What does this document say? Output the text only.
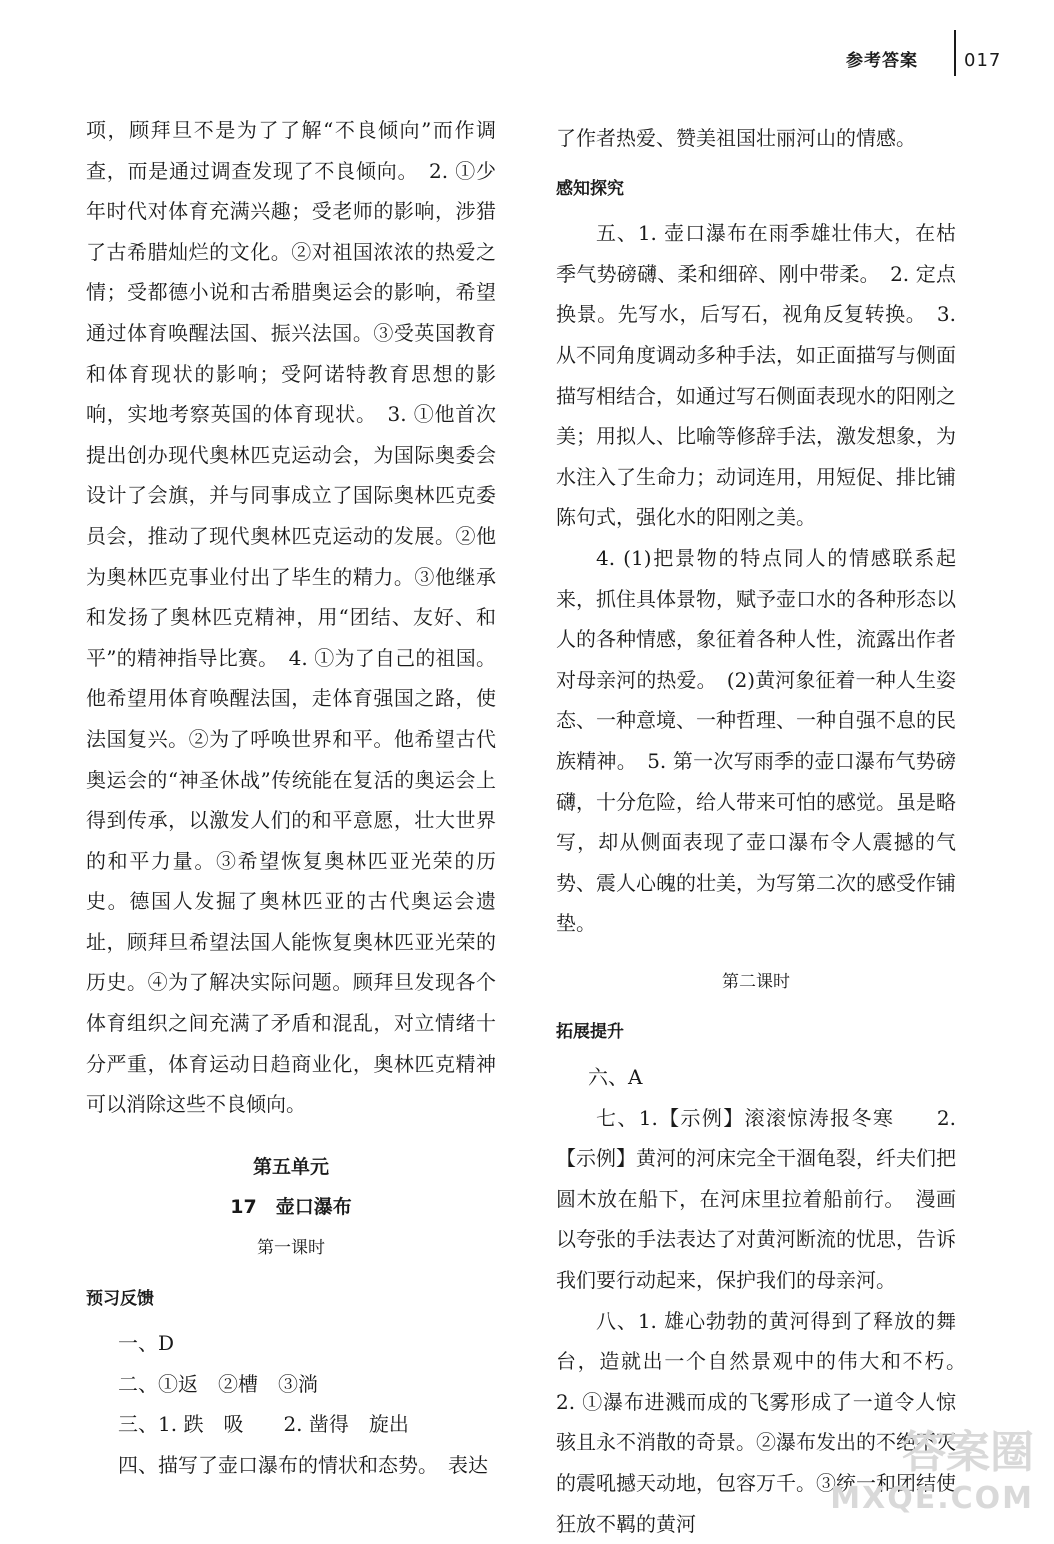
参考答案	017

项，顾拜旦不是为了了解“不良倾向”而作调查，而是通过调查发现了不良倾向。　2. ①少年时代对体育充满兴趣；受老师的影响，涉猎了古希腊灿烂的文化。②对祖国浓浓的热爱之情；受都德小说和古希腊奥运会的影响，希望通过体育唤醒法国、振兴法国。③受英国教育和体育现状的影响；受阿诺特教育思想的影响，实地考察英国的体育现状。　3. ①他首次提出创办现代奥林匹克运动会，为国际奥委会设计了会旗，并与同事成立了国际奥林匹克委员会，推动了现代奥林匹克运动的发展。②他为奥林匹克事业付出了毕生的精力。③他继承和发扬了奥林匹克精神，用“团结、友好、和平”的精神指导比赛。　4. ①为了自己的祖国。他希望用体育唤醒法国，走体育强国之路，使法国复兴。②为了呼唤世界和平。他希望古代奥运会的“神圣休战”传统能在复活的奥运会上得到传承，以激发人们的和平意愿，壮大世界的和平力量。③希望恢复奥林匹亚光荣的历史。德国人发掘了奥林匹亚的古代奥运会遗址，顾拜旦希望法国人能恢复奥林匹亚光荣的历史。④为了解决实际问题。顾拜旦发现各个体育组织之间充满了矛盾和混乱，对立情绪十分严重，体育运动日趋商业化，奥林匹克精神可以消除这些不良倾向。

第五单元

17　壶口瀑布

第一课时

预习反馈

一、D

二、①返　②槽　③淌

三、1. 跌　吸　　2. 凿得　旋出

四、描写了壶口瀑布的情状和态势。　表达

了作者热爱、赞美祖国壮丽河山的情感。

感知探究

五、1. 壶口瀑布在雨季雄壮伟大，在枯季气势磅礴、柔和细碎、刚中带柔。　2. 定点换景。先写水，后写石，视角反复转换。　3. 从不同角度调动多种手法，如正面描写与侧面描写相结合，如通过写石侧面表现水的阳刚之美；用拟人、比喻等修辞手法，激发想象，为水注入了生命力；动词连用，用短促、排比铺陈句式，强化水的阳刚之美。

4. (1)把景物的特点同人的情感联系起来，抓住具体景物，赋予壶口水的各种形态以人的各种情感，象征着各种人性，流露出作者对母亲河的热爱。　(2)黄河象征着一种人生姿态、一种意境、一种哲理、一种自强不息的民族精神。　5. 第一次写雨季的壶口瀑布气势磅礴，十分危险，给人带来可怕的感觉。虽是略写，却从侧面表现了壶口瀑布令人震撼的气势、震人心魄的壮美，为写第二次的感受作铺垫。

第二课时

拓展提升

六、A

七、1.【示例】滚滚惊涛报冬寒　　2.【示例】黄河的河床完全干涸龟裂，纤夫们把圆木放在船下，在河床里拉着船前行。　漫画以夸张的手法表达了对黄河断流的忧思，告诉我们要行动起来，保护我们的母亲河。

八、1. 雄心勃勃的黄河得到了释放的舞台，造就出一个自然景观中的伟大和不朽。　2. ①瀑布进溅而成的飞雾形成了一道令人惊骇且永不消散的奇景。②瀑布发出的不绝不灭的震吼撼天动地，包容万千。③统一和团结使狂放不羁的黄河

答案圈
MXQE.COM
